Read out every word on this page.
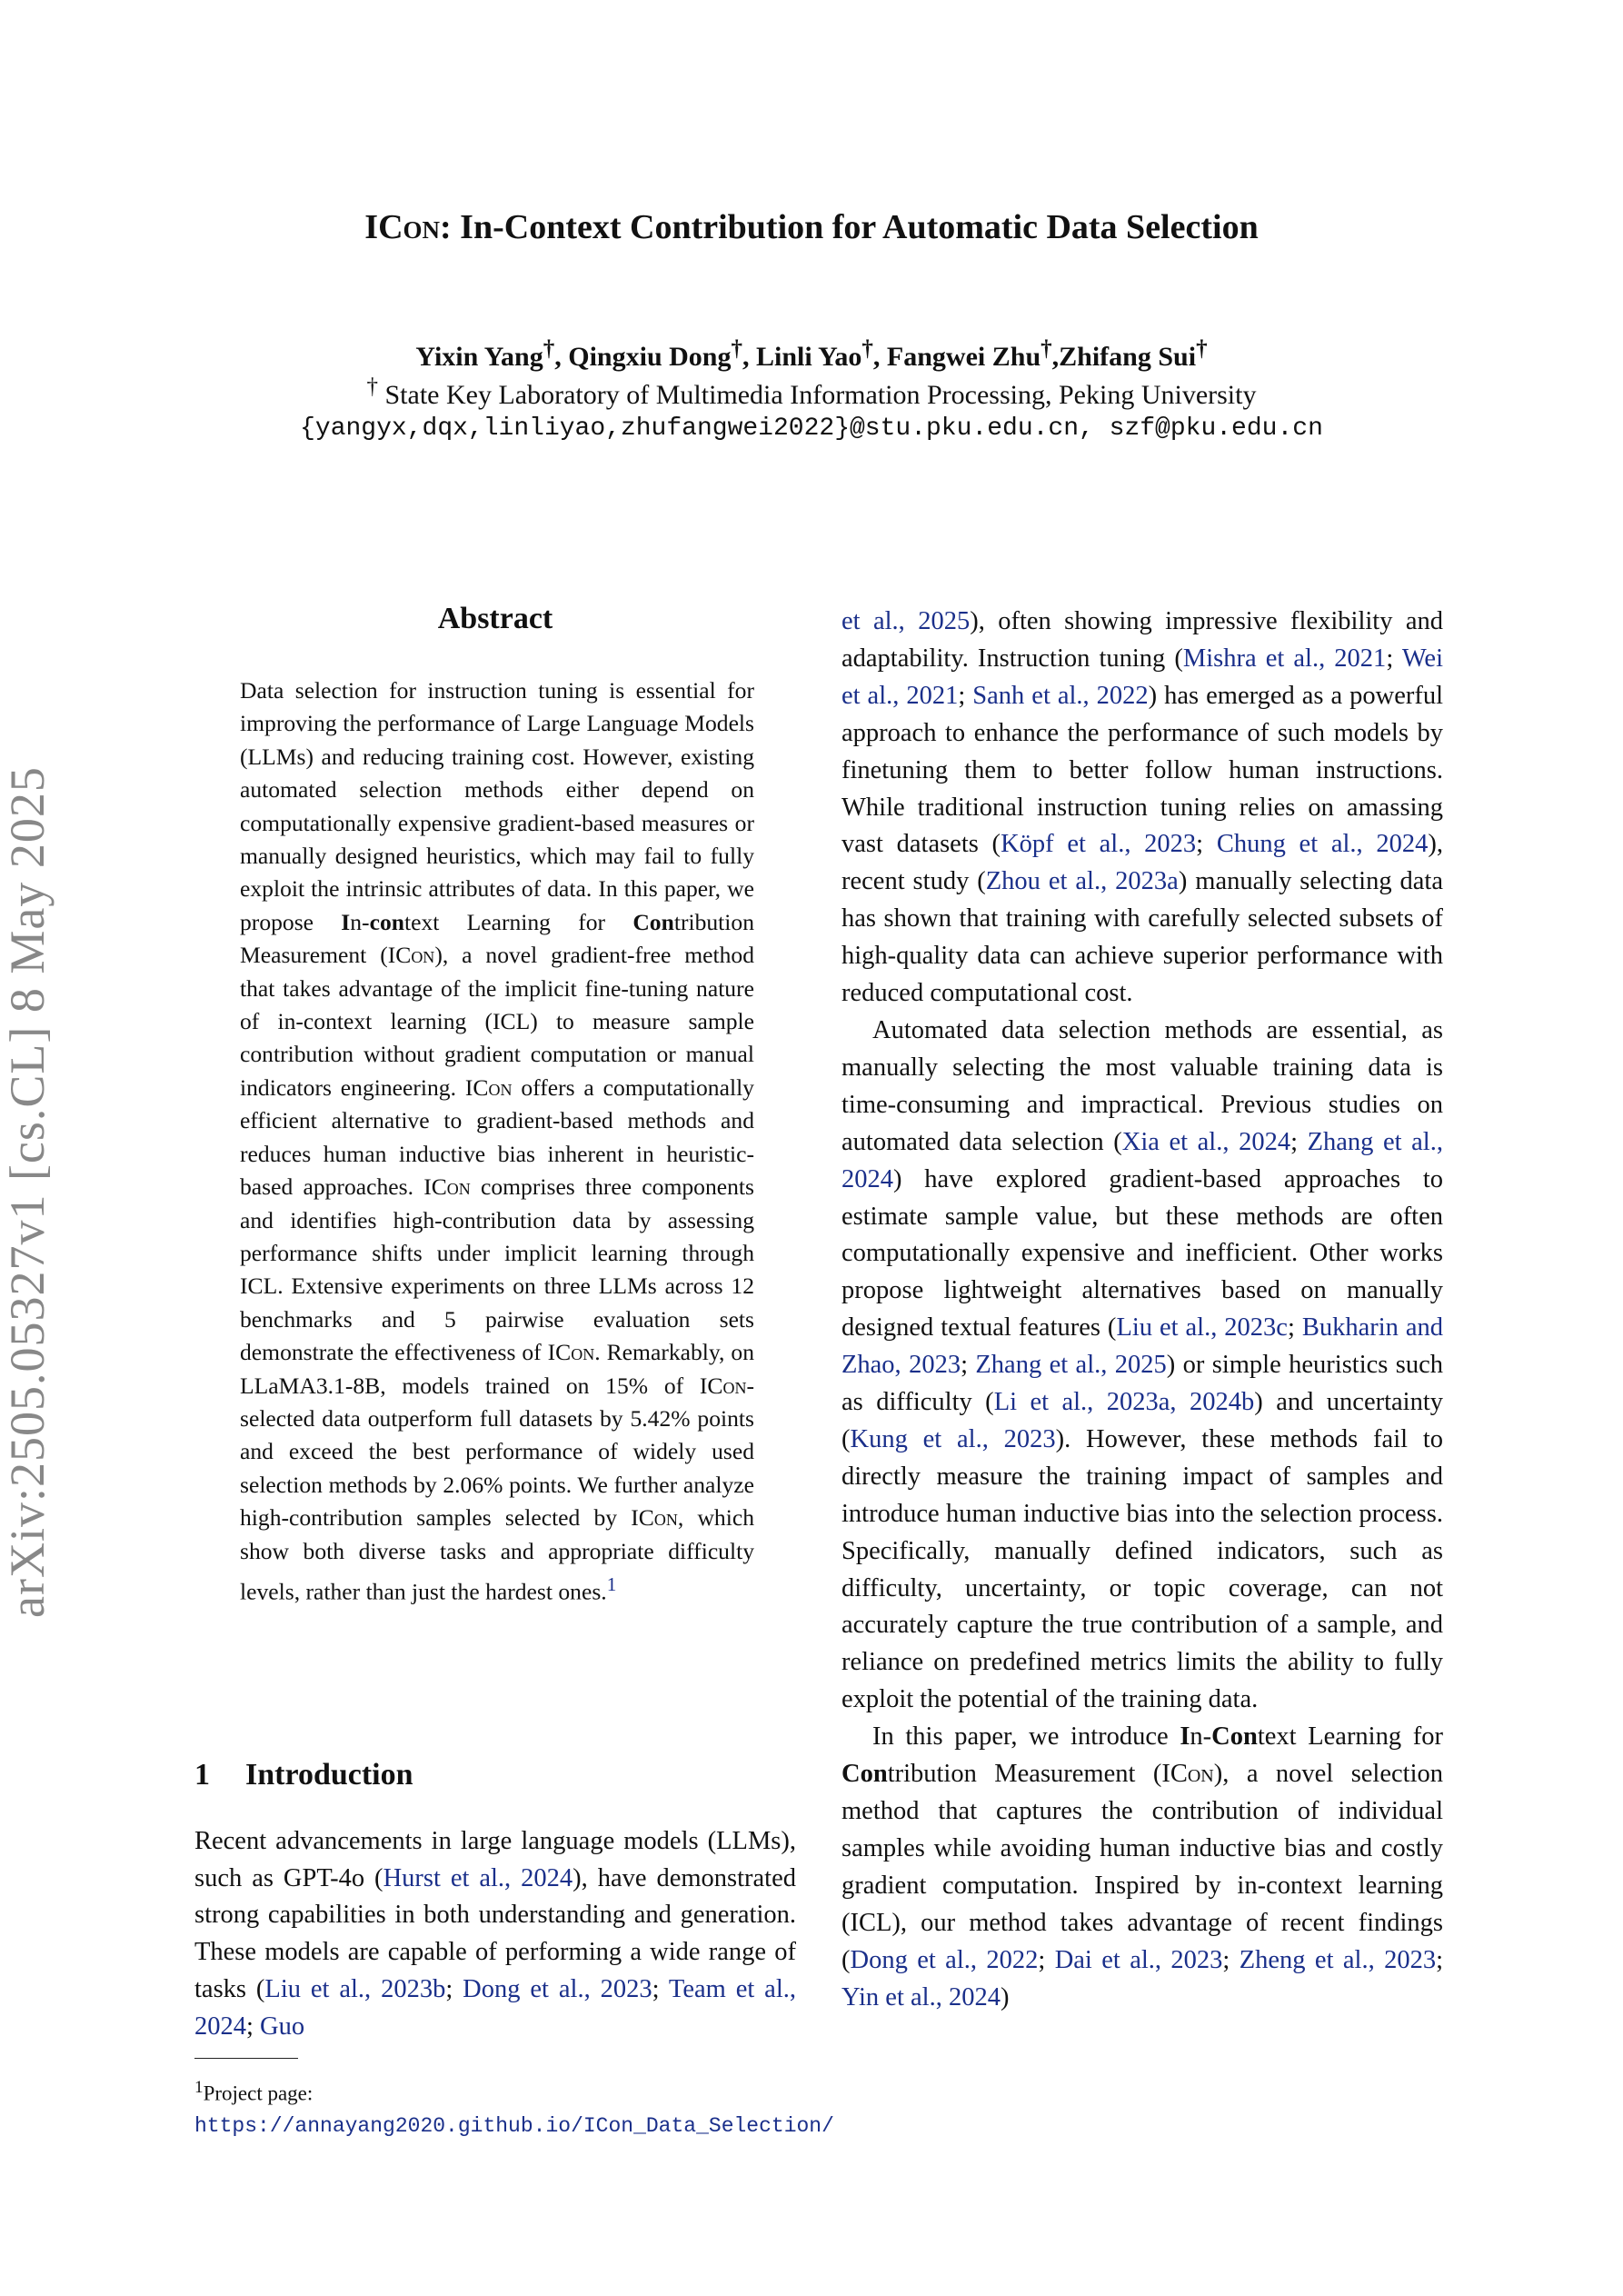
arXiv:2505.05327v1 [cs.CL] 8 May 2025
ICon: In-Context Contribution for Automatic Data Selection
Yixin Yang†, Qingxiu Dong†, Linli Yao†, Fangwei Zhu†,Zhifang Sui†
† State Key Laboratory of Multimedia Information Processing, Peking University
{yangyx,dqx,linliyao,zhufangwei2022}@stu.pku.edu.cn, szf@pku.edu.cn
Abstract
Data selection for instruction tuning is essential for improving the performance of Large Language Models (LLMs) and reducing training cost. However, existing automated selection methods either depend on computationally expensive gradient-based measures or manually designed heuristics, which may fail to fully exploit the intrinsic attributes of data. In this paper, we propose In-context Learning for Contribution Measurement (ICon), a novel gradient-free method that takes advantage of the implicit fine-tuning nature of in-context learning (ICL) to measure sample contribution without gradient computation or manual indicators engineering. ICon offers a computationally efficient alternative to gradient-based methods and reduces human inductive bias inherent in heuristic-based approaches. ICon comprises three components and identifies high-contribution data by assessing performance shifts under implicit learning through ICL. Extensive experiments on three LLMs across 12 benchmarks and 5 pairwise evaluation sets demonstrate the effectiveness of ICon. Remarkably, on LLaMA3.1-8B, models trained on 15% of ICon-selected data outperform full datasets by 5.42% points and exceed the best performance of widely used selection methods by 2.06% points. We further analyze high-contribution samples selected by ICon, which show both diverse tasks and appropriate difficulty levels, rather than just the hardest ones.$^1$
1 Introduction
Recent advancements in large language models (LLMs), such as GPT-4o (Hurst et al., 2024), have demonstrated strong capabilities in both understanding and generation. These models are capable of performing a wide range of tasks (Liu et al., 2023b; Dong et al., 2023; Team et al., 2024; Guo
$^1$Project page: https://annayang2020.github.io/ICon_Data_Selection/

et al., 2025), often showing impressive flexibility and adaptability. Instruction tuning (Mishra et al., 2021; Wei et al., 2021; Sanh et al., 2022) has emerged as a powerful approach to enhance the performance of such models by finetuning them to better follow human instructions. While traditional instruction tuning relies on amassing vast datasets (Köpf et al., 2023; Chung et al., 2024), recent study (Zhou et al., 2023a) manually selecting data has shown that training with carefully selected subsets of high-quality data can achieve superior performance with reduced computational cost.

Automated data selection methods are essential, as manually selecting the most valuable training data is time-consuming and impractical. Previous studies on automated data selection (Xia et al., 2024; Zhang et al., 2024) have explored gradient-based approaches to estimate sample value, but these methods are often computationally expensive and inefficient. Other works propose lightweight alternatives based on manually designed textual features (Liu et al., 2023c; Bukharin and Zhao, 2023; Zhang et al., 2025) or simple heuristics such as difficulty (Li et al., 2023a, 2024b) and uncertainty (Kung et al., 2023). However, these methods fail to directly measure the training impact of samples and introduce human inductive bias into the selection process. Specifically, manually defined indicators, such as difficulty, uncertainty, or topic coverage, can not accurately capture the true contribution of a sample, and reliance on predefined metrics limits the ability to fully exploit the potential of the training data.

In this paper, we introduce In-Context Learning for Contribution Measurement (ICon), a novel selection method that captures the contribution of individual samples while avoiding human inductive bias and costly gradient computation. Inspired by in-context learning (ICL), our method takes advantage of recent findings (Dong et al., 2022; Dai et al., 2023; Zheng et al., 2023; Yin et al., 2024)
